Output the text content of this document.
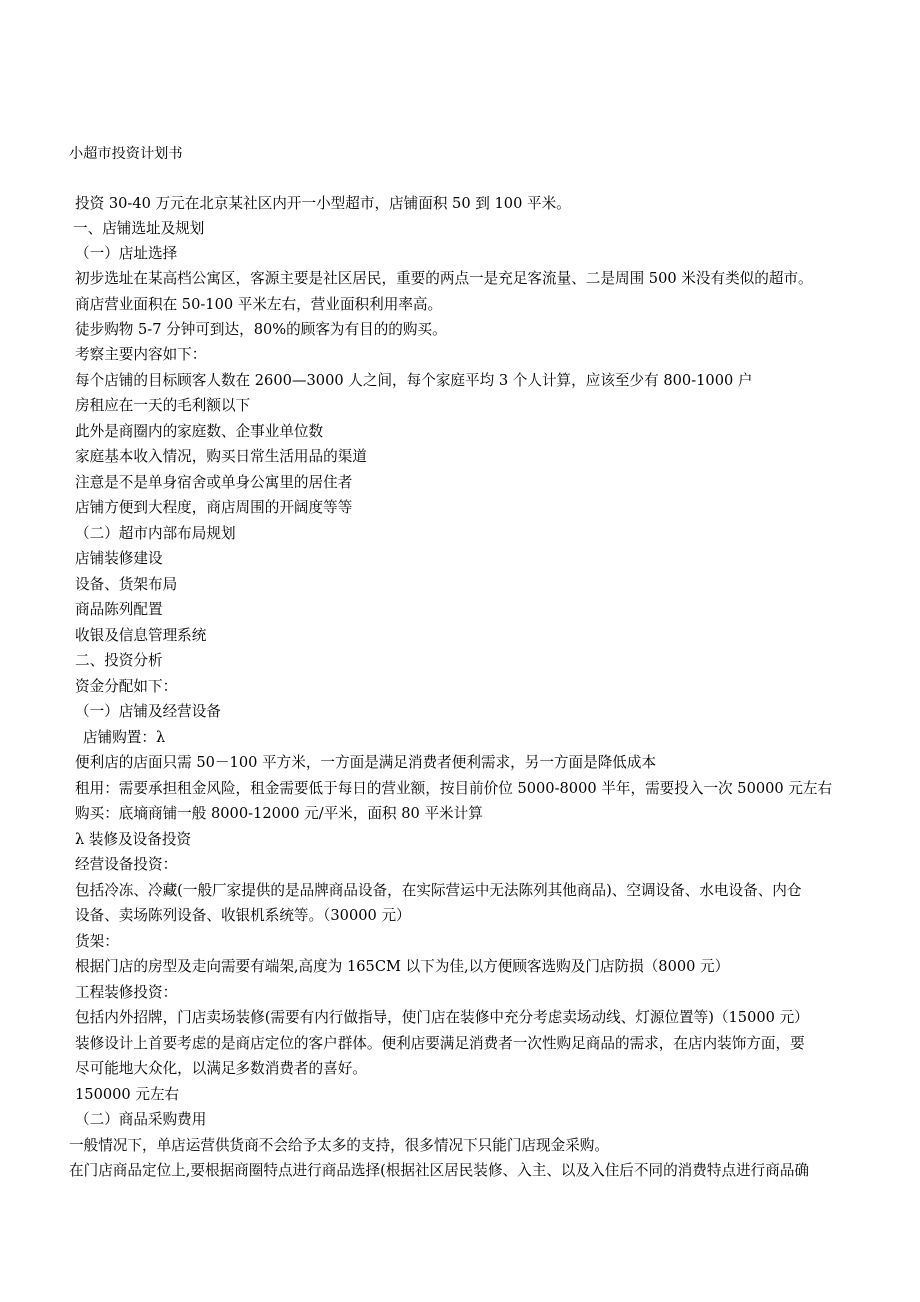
小超市投资计划书
投资 30-40 万元在北京某社区内开一小型超市，店铺面积 50 到 100 平米。
一、店铺选址及规划
（一）店址选择
初步选址在某高档公寓区，客源主要是社区居民，重要的两点一是充足客流量、二是周围 500 米没有类似的超市。
商店营业面积在 50-100 平米左右，营业面积利用率高。
徒步购物 5-7 分钟可到达，80%的顾客为有目的的购买。
考察主要内容如下：
每个店铺的目标顾客人数在 2600—3000 人之间，每个家庭平均 3 个人计算，应该至少有 800-1000 户
房租应在一天的毛利额以下
此外是商圈内的家庭数、企事业单位数
家庭基本收入情况，购买日常生活用品的渠道
注意是不是单身宿舍或单身公寓里的居住者
店铺方便到大程度，商店周围的开阔度等等
（二）超市内部布局规划
店铺装修建设
设备、货架布局
商品陈列配置
收银及信息管理系统
二、投资分析
资金分配如下：
（一）店铺及经营设备
店铺购置：λ
便利店的店面只需 50－100 平方米，一方面是满足消费者便利需求，另一方面是降低成本
租用：需要承担租金风险，租金需要低于每日的营业额，按目前价位 5000-8000 半年，需要投入一次 50000 元左右
购买：底墒商铺一般 8000-12000 元/平米，面积 80 平米计算
λ 装修及设备投资
经营设备投资：
包括冷冻、冷藏(一般厂家提供的是品牌商品设备，在实际营运中无法陈列其他商品)、空调设备、水电设备、内仓
设备、卖场陈列设备、收银机系统等。（30000 元）
货架：
根据门店的房型及走向需要有端架,高度为 165CM 以下为佳,以方便顾客选购及门店防损（8000 元）
工程装修投资：
包括内外招牌，门店卖场装修(需要有内行做指导，使门店在装修中充分考虑卖场动线、灯源位置等)（15000 元）
装修设计上首要考虑的是商店定位的客户群体。便利店要满足消费者一次性购足商品的需求，在店内装饰方面，要
尽可能地大众化，以满足多数消费者的喜好。
150000 元左右
（二）商品采购费用
一般情况下，单店运营供货商不会给予太多的支持，很多情况下只能门店现金采购。
在门店商品定位上,要根据商圈特点进行商品选择(根据社区居民装修、入主、以及入住后不同的消费特点进行商品确
